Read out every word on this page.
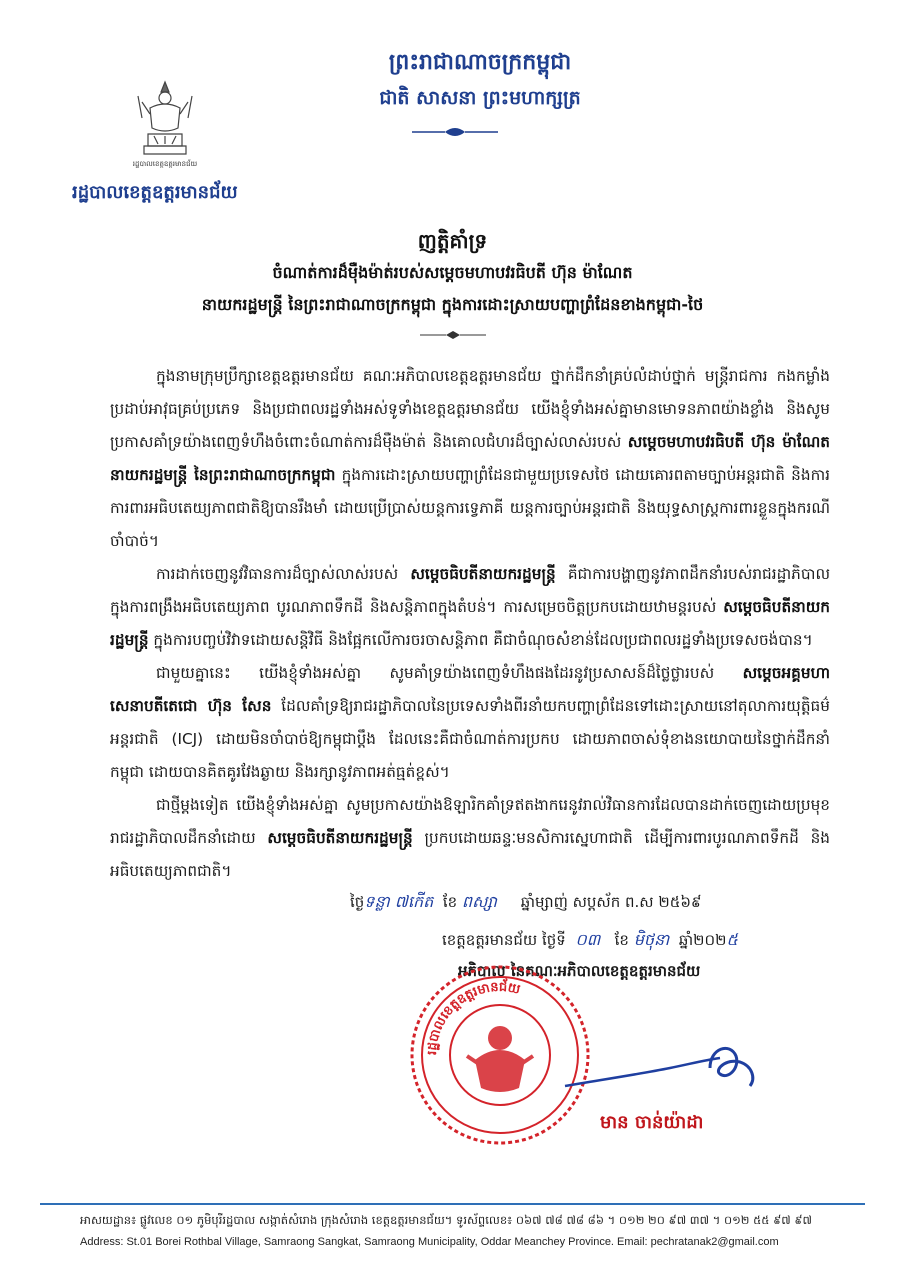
ព្រះរាជាណាចក្រកម្ពុជា
ជាតិ សាសនា ព្រះមហាក្សត្រ
រដ្ឋបាលខេត្តឧត្តរមានជ័យ
រដ្ឋបាលខេត្តឧត្តរមានជ័យ
ញត្តិគាំទ្រ
ចំណាត់ការដ៏ម៉ឺងម៉ាត់របស់សម្ដេចមហាបវរធិបតី ហ៊ុន ម៉ាណែត
នាយករដ្ឋមន្ត្រី នៃព្រះរាជាណាចក្រកម្ពុជា ក្នុងការដោះស្រាយបញ្ហាព្រំដែនខាងកម្ពុជា-ថៃ

ក្នុងនាមក្រុមប្រឹក្សាខេត្តឧត្តរមានជ័យ គណៈអភិបាលខេត្តឧត្តរមានជ័យ ថ្នាក់ដឹកនាំគ្រប់លំដាប់ថ្នាក់ មន្ត្រីរាជការ កងកម្លាំងប្រដាប់អាវុធគ្រប់ប្រភេទ និងប្រជាពលរដ្ឋទាំងអស់ទូទាំងខេត្តឧត្តរមានជ័យ យើងខ្ញុំទាំងអស់គ្នាមានមោទនភាពយ៉ាងខ្លាំង និងសូមប្រកាសគាំទ្រយ៉ាងពេញទំហឹងចំពោះចំណាត់ការដ៏ម៉ឺងម៉ាត់ និងគោលជំហរដ៏ច្បាស់លាស់របស់ សម្ដេចមហាបវរធិបតី ហ៊ុន ម៉ាណែត នាយករដ្ឋមន្ត្រី នៃព្រះរាជាណាចក្រកម្ពុជា ក្នុងការដោះស្រាយបញ្ហាព្រំដែនជាមួយប្រទេសថៃ ដោយគោរពតាមច្បាប់អន្តរជាតិ និងការការពារអធិបតេយ្យភាពជាតិឱ្យបានរឹងមាំ ដោយប្រើប្រាស់យន្តការទ្វេភាគី យន្តការច្បាប់អន្តរជាតិ និងយុទ្ធសាស្ត្រការពារខ្លួនក្នុងករណីចាំបាច់។

ការដាក់ចេញនូវវិធានការដ៏ច្បាស់លាស់របស់ សម្ដេចធិបតីនាយករដ្ឋមន្ត្រី គឺជាការបង្ហាញនូវភាពដឹកនាំរបស់រាជរដ្ឋាភិបាល ក្នុងការពង្រឹងអធិបតេយ្យភាព បូរណភាពទឹកដី និងសន្តិភាពក្នុងតំបន់។ ការសម្រេចចិត្តប្រកបដោយឋាមន្តរបស់ សម្ដេចធិបតីនាយករដ្ឋមន្ត្រី ក្នុងការបញ្ចប់វិវាទដោយសន្តិវិធី និងផ្អែកលើការចរចាសន្តិភាព គឺជាចំណុចសំខាន់ដែលប្រជាពលរដ្ឋទាំងប្រទេសចង់បាន។

ជាមួយគ្នានេះ យើងខ្ញុំទាំងអស់គ្នា សូមគាំទ្រយ៉ាងពេញទំហឹងផងដែរនូវប្រសាសន៍ដ៏ថ្លៃថ្លារបស់ សម្ដេចអគ្គមហាសេនាបតីតេជោ ហ៊ុន សែន ដែលគាំទ្រឱ្យរាជរដ្ឋាភិបាលនៃប្រទេសទាំងពីរនាំយកបញ្ហាព្រំដែនទៅដោះស្រាយនៅតុលាការយុត្តិធម៌អន្តរជាតិ (ICJ) ដោយមិនចាំបាច់ឱ្យកម្ពុជាប្ដឹង ដែលនេះគឺជាចំណាត់ការប្រកប ដោយភាពចាស់ទុំខាងនយោបាយនៃថ្នាក់ដឹកនាំកម្ពុជា ដោយបានគិតគូរវែងឆ្ងាយ និងរក្សានូវភាពអត់ធ្មត់ខ្ពស់។

ជាថ្មីម្ដងទៀត យើងខ្ញុំទាំងអស់គ្នា សូមប្រកាសយ៉ាងឱឡារិកគាំទ្រឥតងាករេនូវរាល់វិធានការដែលបានដាក់ចេញដោយប្រមុខរាជរដ្ឋាភិបាលដឹកនាំដោយ សម្ដេចធិបតីនាយករដ្ឋមន្ត្រី ប្រកបដោយឆន្ទៈមនសិការស្នេហាជាតិ ដើម្បីការពារបូរណភាពទឹកដី និងអធិបតេយ្យភាពជាតិ។

ថ្ងៃទន្លា ៧កើត ខែ ពស្សា ឆ្នាំម្សាញ់ សប្តស័ក ព.ស ២៥៦៩
ខេត្តឧត្តរមានជ័យ ថ្ងៃទី ០៣ ខែ មិថុនា ឆ្នាំ២០២៥
អភិបាល នៃគណៈអភិបាលខេត្តឧត្តរមានជ័យ
រដ្ឋបាលខេត្តឧត្តរមានជ័យ
មាន ចាន់យ៉ាដា
អាសយដ្ឋាន៖ ផ្លូវលេខ ០១ ភូមិបុរីរដ្ឋបាល សង្កាត់សំរោង ក្រុងសំរោង ខេត្តឧត្តរមានជ័យ។ ទូរស័ព្ទលេខ៖ ០៦៧ ៧៨ ៧៨ ៨៦ ។ ០១២ ២០ ៩៧ ៣៧ ។ ០១២ ៥៥ ៩៧ ៩៧
Address: St.01 Borei Rothbal Village, Samraong Sangkat, Samraong Municipality, Oddar Meanchey Province. Email: pechratanak2@gmail.com
